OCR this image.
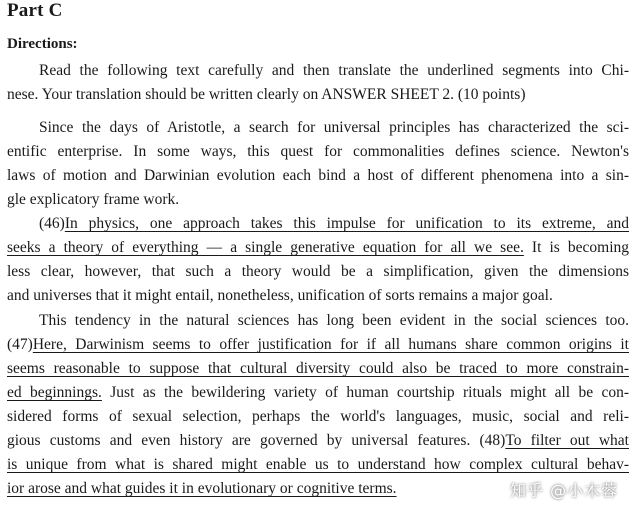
Part C
Directions:
Read the following text carefully and then translate the underlined segments into Chi-
nese. Your translation should be written clearly on ANSWER SHEET 2. (10 points)
Since the days of Aristotle, a search for universal principles has characterized the sci-
entific enterprise. In some ways, this quest for commonalities defines science. Newton's
laws of motion and Darwinian evolution each bind a host of different phenomena into a sin-
gle explicatory frame work.
(46)In physics, one approach takes this impulse for unification to its extreme, and
seeks a theory of everything — a single generative equation for all we see. It is becoming
less clear, however, that such a theory would be a simplification, given the dimensions
and universes that it might entail, nonetheless, unification of sorts remains a major goal.
This tendency in the natural sciences has long been evident in the social sciences too.
(47)Here, Darwinism seems to offer justification for if all humans share common origins it
seems reasonable to suppose that cultural diversity could also be traced to more constrain-
ed beginnings. Just as the bewildering variety of human courtship rituals might all be con-
sidered forms of sexual selection, perhaps the world's languages, music, social and reli-
gious customs and even history are governed by universal features. (48)To filter out what
is unique from what is shared might enable us to understand how complex cultural behav-
ior arose and what guides it in evolutionary or cognitive terms.	知乎 @小木蓉
